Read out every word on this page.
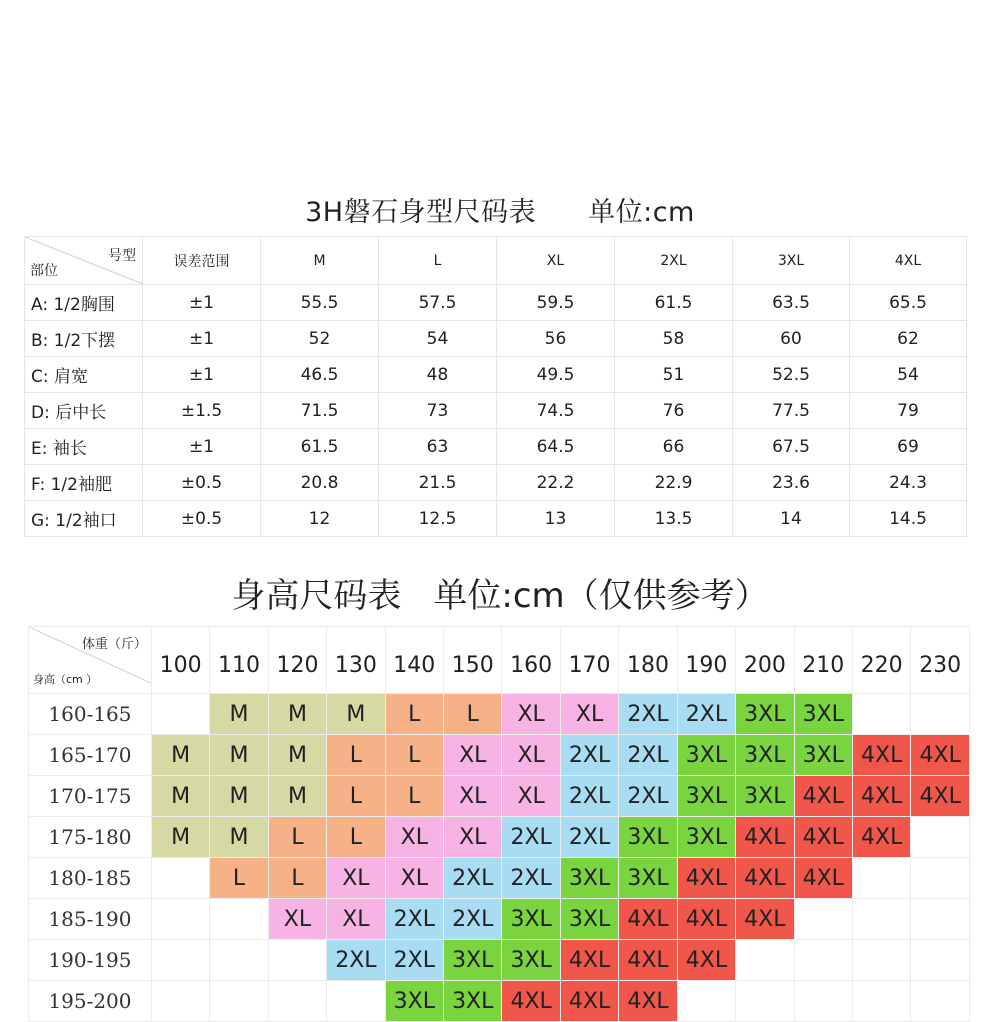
3H磐石身型尺码表 单位:cm
号型
部位	误差范围	M	L	XL	2XL	3XL	4XL
A: 1/2胸围	±1	55.5	57.5	59.5	61.5	63.5	65.5
B: 1/2下摆	±1	52	54	56	58	60	62
C: 肩宽	±1	46.5	48	49.5	51	52.5	54
D: 后中长	±1.5	71.5	73	74.5	76	77.5	79
E: 袖长	±1	61.5	63	64.5	66	67.5	69
F: 1/2袖肥	±0.5	20.8	21.5	22.2	22.9	23.6	24.3
G: 1/2袖口	±0.5	12	12.5	13	13.5	14	14.5
身高尺码表 单位:cm（仅供参考）
体重（斤）
身高（cm ）	100	110	120	130	140	150	160	170	180	190	200	210	220	230
160-165		M	M	M	L	L	XL	XL	2XL	2XL	3XL	3XL		
165-170	M	M	M	L	L	XL	XL	2XL	2XL	3XL	3XL	3XL	4XL	4XL
170-175	M	M	M	L	L	XL	XL	2XL	2XL	3XL	3XL	4XL	4XL	4XL
175-180	M	M	L	L	XL	XL	2XL	2XL	3XL	3XL	4XL	4XL	4XL	
180-185		L	L	XL	XL	2XL	2XL	3XL	3XL	4XL	4XL	4XL		
185-190			XL	XL	2XL	2XL	3XL	3XL	4XL	4XL	4XL			
190-195				2XL	2XL	3XL	3XL	4XL	4XL	4XL				
195-200					3XL	3XL	4XL	4XL	4XL					
